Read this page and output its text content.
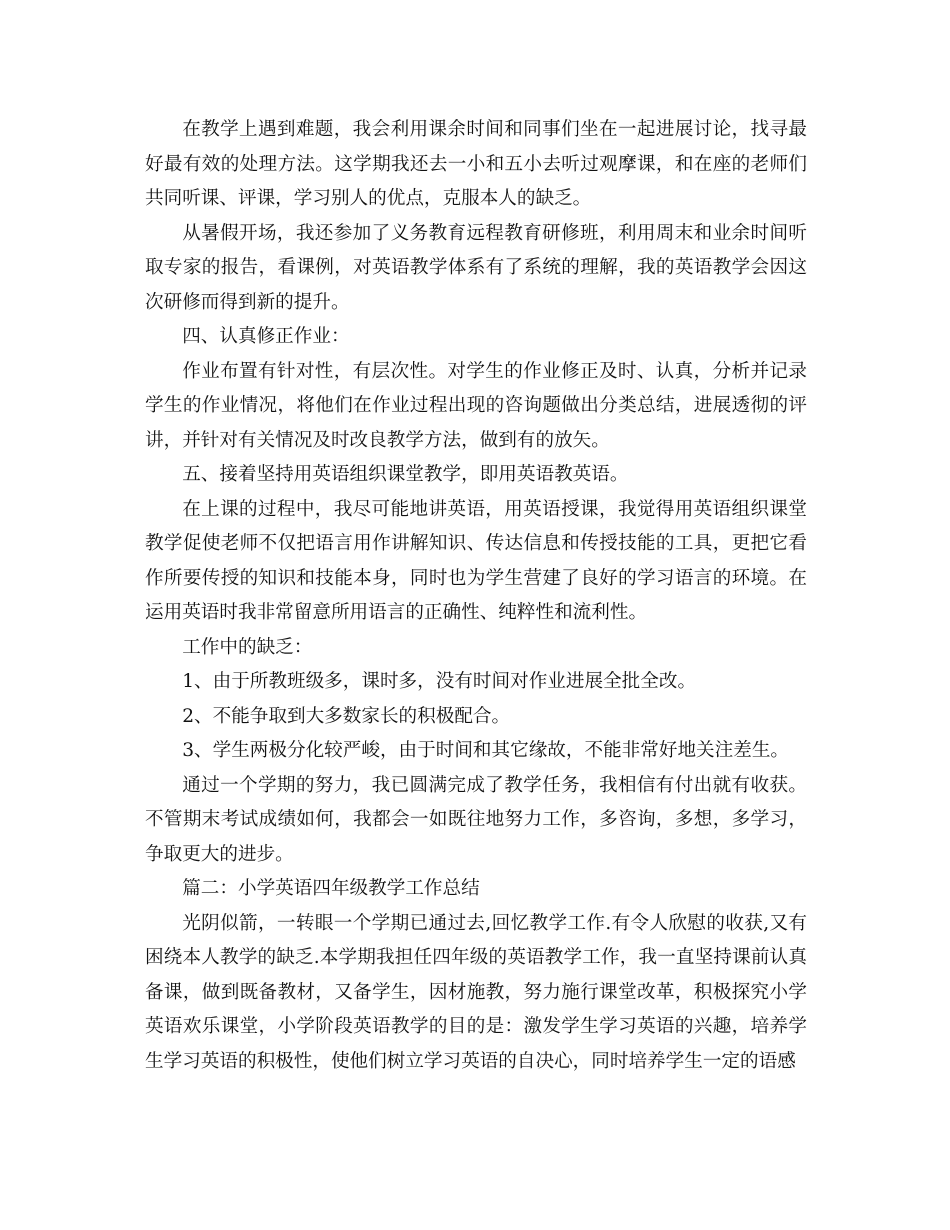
在教学上遇到难题，我会利用课余时间和同事们坐在一起进展讨论，找寻最好最有效的处理方法。这学期我还去一小和五小去听过观摩课，和在座的老师们共同听课、评课，学习别人的优点，克服本人的缺乏。

从暑假开场，我还参加了义务教育远程教育研修班，利用周末和业余时间听取专家的报告，看课例，对英语教学体系有了系统的理解，我的英语教学会因这次研修而得到新的提升。

四、认真修正作业：

作业布置有针对性，有层次性。对学生的作业修正及时、认真，分析并记录学生的作业情况，将他们在作业过程出现的咨询题做出分类总结，进展透彻的评讲，并针对有关情况及时改良教学方法，做到有的放矢。

五、接着坚持用英语组织课堂教学，即用英语教英语。

在上课的过程中，我尽可能地讲英语，用英语授课，我觉得用英语组织课堂教学促使老师不仅把语言用作讲解知识、传达信息和传授技能的工具，更把它看作所要传授的知识和技能本身，同时也为学生营建了良好的学习语言的环境。在运用英语时我非常留意所用语言的正确性、纯粹性和流利性。

工作中的缺乏：

1、由于所教班级多，课时多，没有时间对作业进展全批全改。

2、不能争取到大多数家长的积极配合。

3、学生两极分化较严峻，由于时间和其它缘故，不能非常好地关注差生。

通过一个学期的努力，我已圆满完成了教学任务，我相信有付出就有收获。不管期末考试成绩如何，我都会一如既往地努力工作，多咨询，多想，多学习，争取更大的进步。

篇二：小学英语四年级教学工作总结

光阴似箭，一转眼一个学期已通过去,回忆教学工作.有令人欣慰的收获,又有困绕本人教学的缺乏.本学期我担任四年级的英语教学工作，我一直坚持课前认真备课，做到既备教材，又备学生，因材施教，努力施行课堂改革，积极探究小学英语欢乐课堂，小学阶段英语教学的目的是：激发学生学习英语的兴趣，培养学生学习英语的积极性，使他们树立学习英语的自决心，同时培养学生一定的语感
